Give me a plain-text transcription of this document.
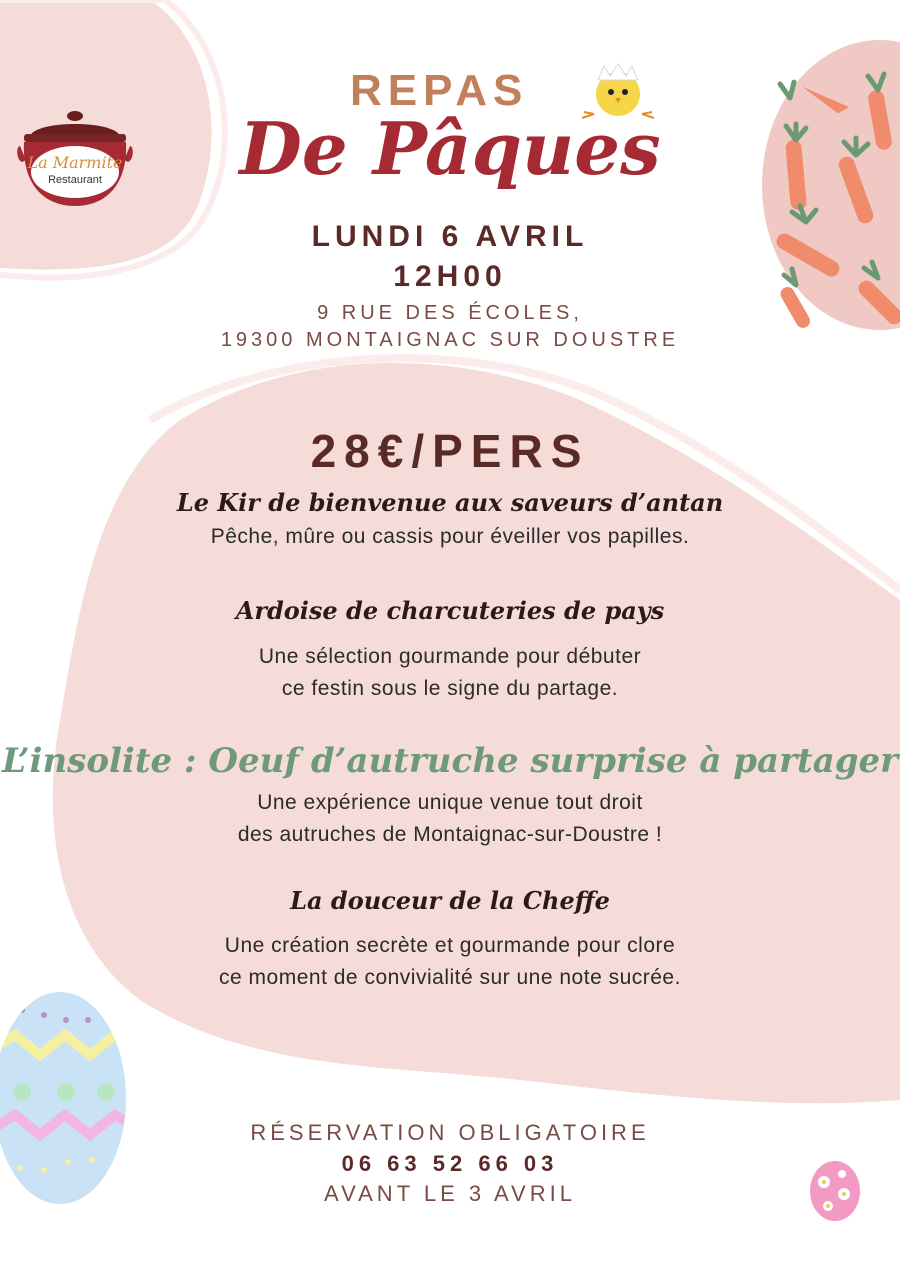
La Marmite
Restaurant
REPAS
De Pâques
LUNDI 6 AVRIL
12H00
9 RUE DES ÉCOLES,
19300 MONTAIGNAC SUR DOUSTRE
28€/PERS
Le Kir de bienvenue aux saveurs d’antan
Pêche, mûre ou cassis pour éveiller vos papilles.
Ardoise de charcuteries de pays
Une sélection gourmande pour débuter
ce festin sous le signe du partage.
L’insolite : Oeuf d’autruche surprise à partager
Une expérience unique venue tout droit
des autruches de Montaignac-sur-Doustre !
La douceur de la Cheffe
Une création secrète et gourmande pour clore
ce moment de convivialité sur une note sucrée.
RÉSERVATION OBLIGATOIRE
06 63 52 66 03
AVANT LE 3 AVRIL
